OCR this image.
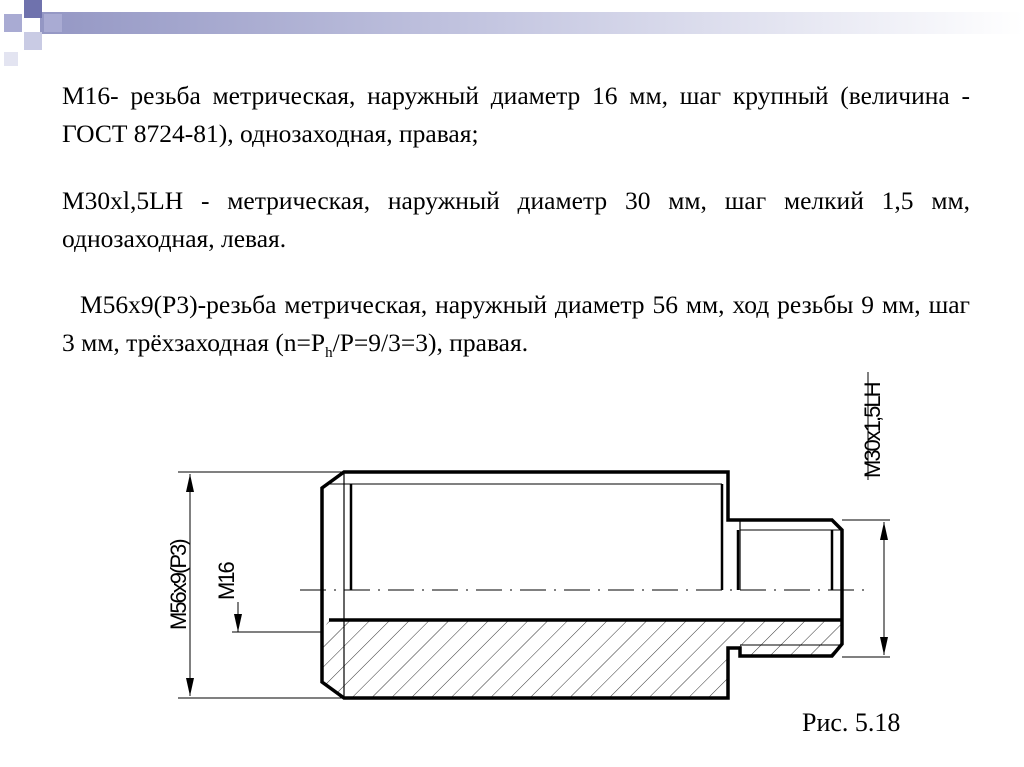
М16- резьба метрическая, наружный диаметр 16 мм, шаг крупный (величина - ГОСТ 8724-81), однозаходная, правая;

M30xl,5LH - метрическая, наружный диаметр 30 мм, шаг мелкий 1,5 мм, однозаходная, левая.

M56x9(P3)-резьба метрическая, наружный диаметр 56 мм, ход резьбы 9 мм, шаг 3 мм, трёхзаходная $(n=P_h/P=9/3=3)$, правая.

M56x9(P3) M16
M30x1,5LH
Рис. 5.18
